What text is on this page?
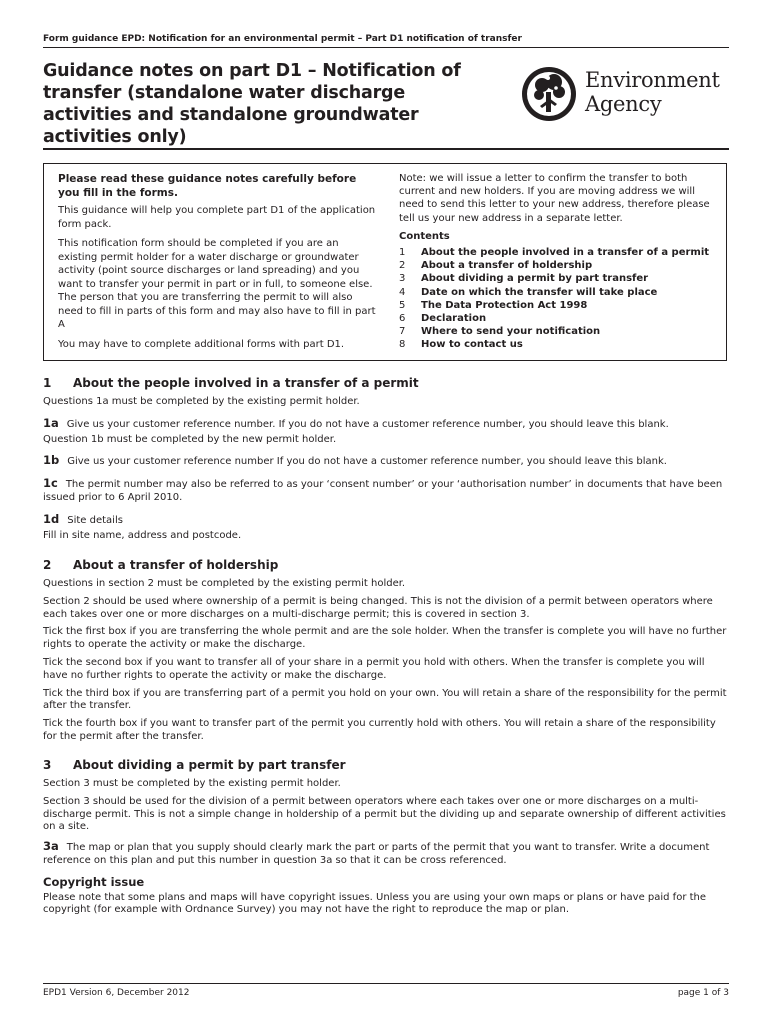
Form guidance EPD: Notification for an environmental permit – Part D1 notification of transfer
Guidance notes on part D1 – Notification of transfer (standalone water discharge activities and standalone groundwater activities only)
Environment
Agency
Please read these guidance notes carefully before you fill in the forms.

This guidance will help you complete part D1 of the application form pack.

This notification form should be completed if you are an existing permit holder for a water discharge or groundwater activity (point source discharges or land spreading) and you want to transfer your permit in part or in full, to someone else. The person that you are transferring the permit to will also need to fill in parts of this form and may also have to fill in part A

You may have to complete additional forms with part D1.

Note: we will issue a letter to confirm the transfer to both current and new holders. If you are moving address we will need to send this letter to your new address, therefore please tell us your new address in a separate letter.

Contents
1	About the people involved in a transfer of a permit
2	About a transfer of holdership
3	About dividing a permit by part transfer
4	Date on which the transfer will take place
5	The Data Protection Act 1998
6	Declaration
7	Where to send your notification
8	How to contact us
1	About the people involved in a transfer of a permit

Questions 1a must be completed by the existing permit holder.

1a Give us your customer reference number. If you do not have a customer reference number, you should leave this blank.

Question 1b must be completed by the new permit holder.

1b Give us your customer reference number If you do not have a customer reference number, you should leave this blank.

1c The permit number may also be referred to as your ‘consent number’ or your ‘authorisation number’ in documents that have been issued prior to 6 April 2010.

1d Site details

Fill in site name, address and postcode.

2	About a transfer of holdership

Questions in section 2 must be completed by the existing permit holder.

Section 2 should be used where ownership of a permit is being changed. This is not the division of a permit between operators where each takes over one or more discharges on a multi-discharge permit; this is covered in section 3.

Tick the first box if you are transferring the whole permit and are the sole holder. When the transfer is complete you will have no further rights to operate the activity or make the discharge.

Tick the second box if you want to transfer all of your share in a permit you hold with others. When the transfer is complete you will have no further rights to operate the activity or make the discharge.

Tick the third box if you are transferring part of a permit you hold on your own. You will retain a share of the responsibility for the permit after the transfer.

Tick the fourth box if you want to transfer part of the permit you currently hold with others. You will retain a share of the responsibility for the permit after the transfer.

3	About dividing a permit by part transfer

Section 3 must be completed by the existing permit holder.

Section 3 should be used for the division of a permit between operators where each takes over one or more discharges on a multi-discharge permit. This is not a simple change in holdership of a permit but the dividing up and separate ownership of different activities on a site.

3a The map or plan that you supply should clearly mark the part or parts of the permit that you want to transfer. Write a document reference on this plan and put this number in question 3a so that it can be cross referenced.

Copyright issue

Please note that some plans and maps will have copyright issues. Unless you are using your own maps or plans or have paid for the copyright (for example with Ordnance Survey) you may not have the right to reproduce the map or plan.

EPD1 Version 6, December 2012	page 1 of 3
